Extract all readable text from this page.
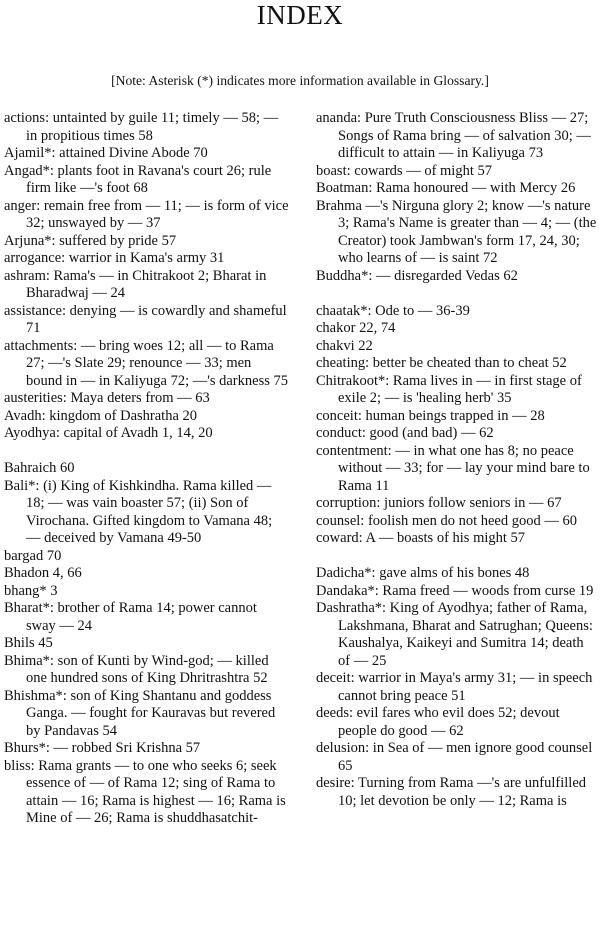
INDEX
[Note: Asterisk (*) indicates more information available in Glossary.]
actions: untainted by guile 11; timely — 58; — in propitious times 58
Ajamil*: attained Divine Abode 70
Angad*: plants foot in Ravana's court 26; rule firm like —'s foot 68
anger: remain free from — 11; — is form of vice 32; unswayed by — 37
Arjuna*: suffered by pride 57
arrogance: warrior in Kama's army 31
ashram: Rama's — in Chitrakoot 2; Bharat in Bharadwaj — 24
assistance: denying — is cowardly and shameful 71
attachments: — bring woes 12; all — to Rama 27; —'s Slate 29; renounce — 33; men bound in — in Kaliyuga 72; —'s darkness 75
austerities: Maya deters from — 63
Avadh: kingdom of Dashratha 20
Ayodhya: capital of Avadh 1, 14, 20
Bahraich 60
Bali*: (i) King of Kishkindha. Rama killed — 18; — was vain boaster 57; (ii) Son of Virochana. Gifted kingdom to Vamana 48; — deceived by Vamana 49-50
bargad 70
Bhadon 4, 66
bhang* 3
Bharat*: brother of Rama 14; power cannot sway — 24
Bhils 45
Bhima*: son of Kunti by Wind-god; — killed one hundred sons of King Dhritrashtra 52
Bhishma*: son of King Shantanu and goddess Ganga. — fought for Kauravas but revered by Pandavas 54
Bhurs*: — robbed Sri Krishna 57
bliss: Rama grants — to one who seeks 6; seek essence of — of Rama 12; sing of Rama to attain — 16; Rama is highest — 16; Rama is Mine of — 26; Rama is shuddhasatchit-
ananda: Pure Truth Consciousness Bliss — 27; Songs of Rama bring — of salvation 30; — difficult to attain — in Kaliyuga 73
boast: cowards — of might 57
Boatman: Rama honoured — with Mercy 26
Brahma —'s Nirguna glory 2; know —'s nature 3; Rama's Name is greater than — 4; — (the Creator) took Jambwan's form 17, 24, 30; who learns of — is saint 72
Buddha*: — disregarded Vedas 62
chaatak*: Ode to — 36-39
chakor 22, 74
chakvi 22
cheating: better be cheated than to cheat 52
Chitrakoot*: Rama lives in — in first stage of exile 2; — is 'healing herb' 35
conceit: human beings trapped in — 28
conduct: good (and bad) — 62
contentment: — in what one has 8; no peace without — 33; for — lay your mind bare to Rama 11
corruption: juniors follow seniors in — 67
counsel: foolish men do not heed good — 60
coward: A — boasts of his might 57
Dadicha*: gave alms of his bones 48
Dandaka*: Rama freed — woods from curse 19
Dashratha*: King of Ayodhya; father of Rama, Lakshmana, Bharat and Satrughan; Queens: Kaushalya, Kaikeyi and Sumitra 14; death of — 25
deceit: warrior in Maya's army 31; — in speech cannot bring peace 51
deeds: evil fares who evil does 52; devout people do good — 62
delusion: in Sea of — men ignore good counsel 65
desire: Turning from Rama —'s are unfulfilled 10; let devotion be only — 12; Rama is
